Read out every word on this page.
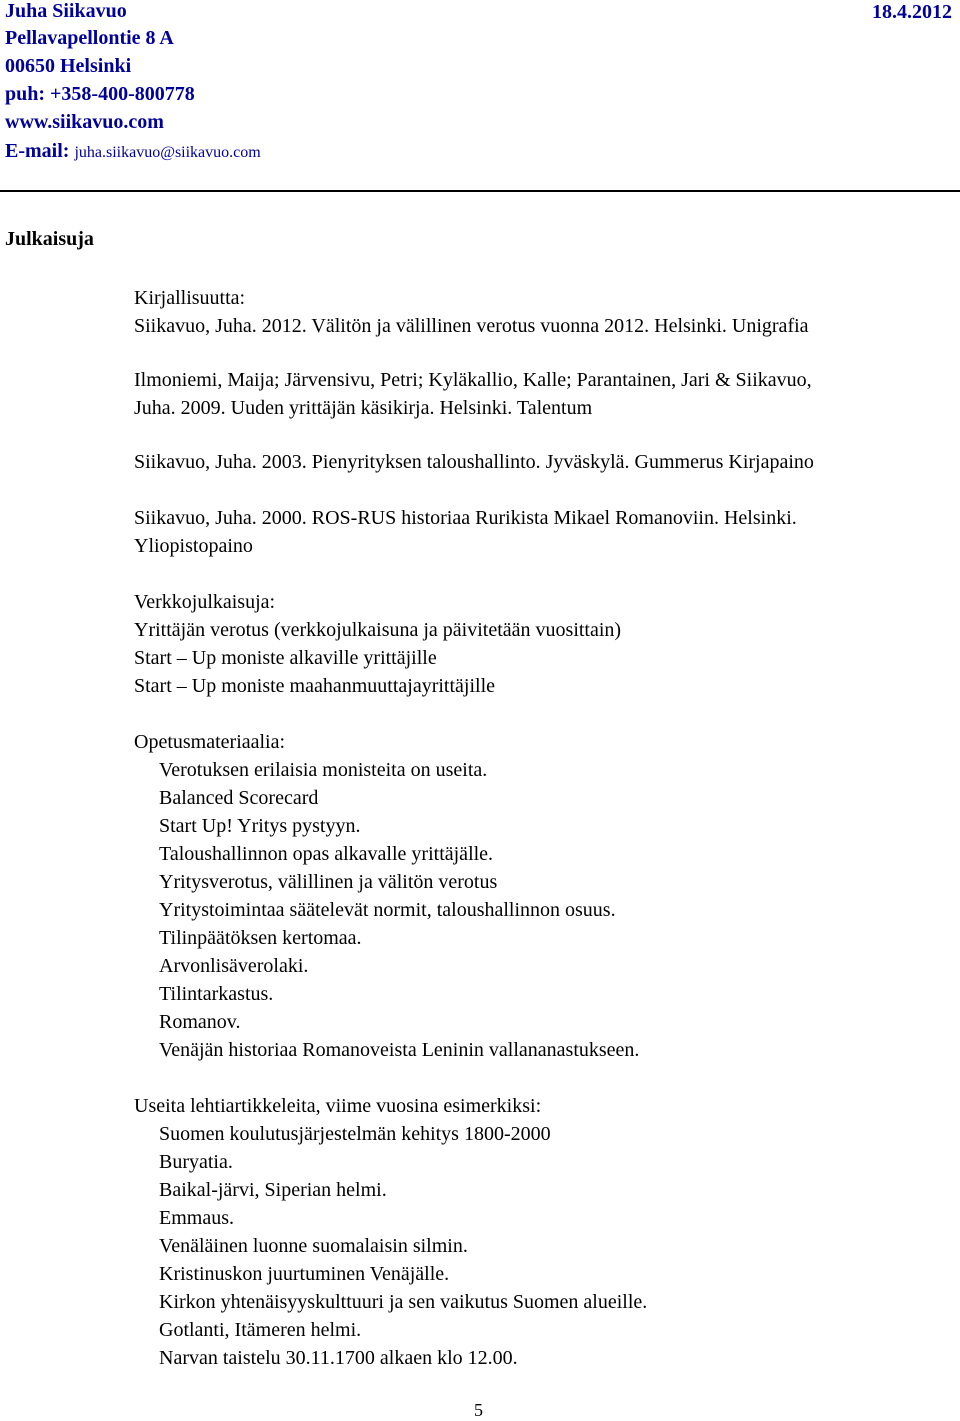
Juha Siikavuo
Pellavapellontie 8 A
00650 Helsinki
puh: +358-400-800778
www.siikavuo.com
E-mail: juha.siikavuo@siikavuo.com
18.4.2012
Julkaisuja
Kirjallisuutta:
Siikavuo, Juha. 2012. Välitön ja välillinen verotus vuonna 2012. Helsinki. Unigrafia
Ilmoniemi, Maija; Järvensivu, Petri; Kyläkallio, Kalle; Parantainen, Jari & Siikavuo,
Juha. 2009. Uuden yrittäjän käsikirja. Helsinki. Talentum
Siikavuo, Juha. 2003. Pienyrityksen taloushallinto. Jyväskylä. Gummerus Kirjapaino
Siikavuo, Juha. 2000. ROS-RUS historiaa Rurikista Mikael Romanoviin. Helsinki.
Yliopistopaino
Verkkojulkaisuja:
Yrittäjän verotus (verkkojulkaisuna ja päivitetään vuosittain)
Start – Up moniste alkaville yrittäjille
Start – Up moniste maahanmuuttajayrittäjille
Opetusmateriaalia:
Verotuksen erilaisia monisteita on useita.
Balanced Scorecard
Start Up! Yritys pystyyn.
Taloushallinnon opas alkavalle yrittäjälle.
Yritysverotus, välillinen ja välitön verotus
Yritystoimintaa säätelevät normit, taloushallinnon osuus.
Tilinpäätöksen kertomaa.
Arvonlisäverolaki.
Tilintarkastus.
Romanov.
Venäjän historiaa Romanoveista Leninin vallananastukseen.
Useita lehtiartikkeleita, viime vuosina esimerkiksi:
Suomen koulutusjärjestelmän kehitys 1800-2000
Buryatia.
Baikal-järvi, Siperian helmi.
Emmaus.
Venäläinen luonne suomalaisin silmin.
Kristinuskon juurtuminen Venäjälle.
Kirkon yhtenäisyyskulttuuri ja sen vaikutus Suomen alueille.
Gotlanti, Itämeren helmi.
Narvan taistelu 30.11.1700 alkaen klo 12.00.
5
